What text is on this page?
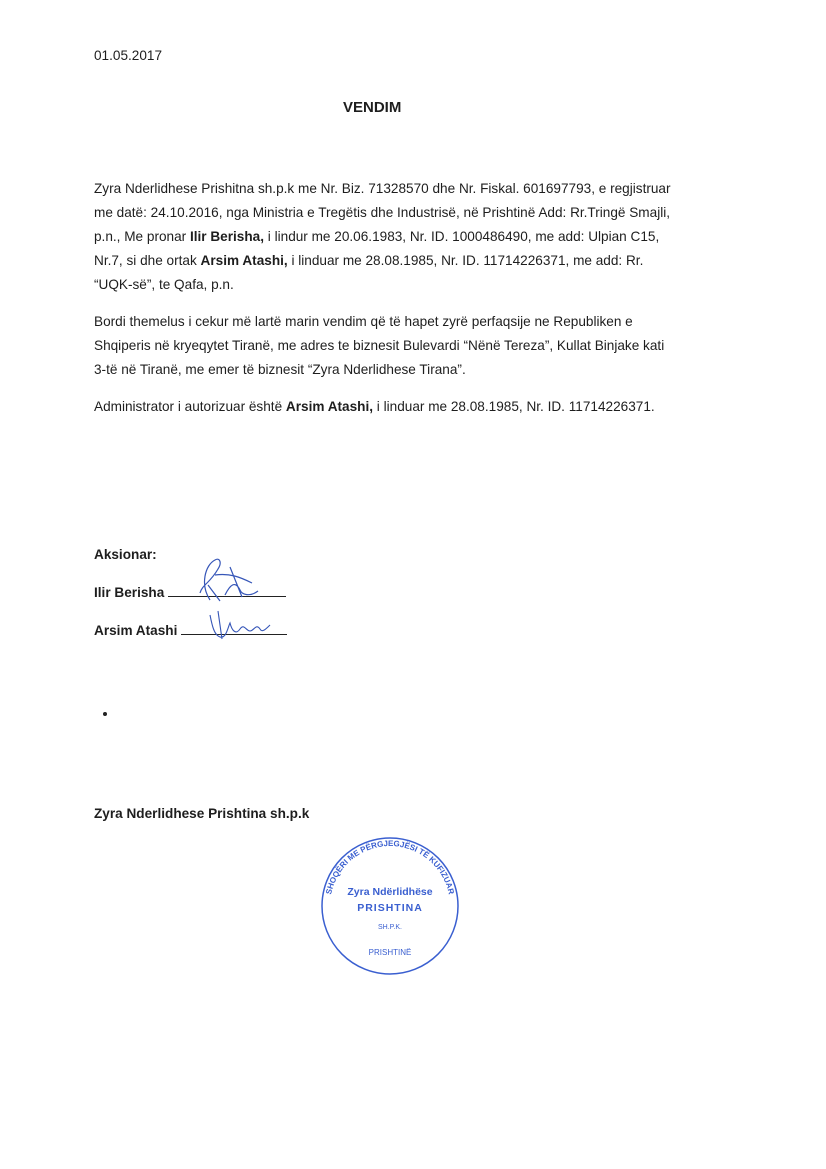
01.05.2017
VENDIM
Zyra Nderlidhese Prishitna sh.p.k me Nr. Biz. 71328570 dhe Nr. Fiskal. 601697793, e regjistruar
me datë: 24.10.2016, nga Ministria e Tregëtis dhe Industrisë, në Prishtinë Add: Rr.Tringë Smajli,
p.n., Me pronar Ilir Berisha, i lindur me 20.06.1983, Nr. ID. 1000486490, me add: Ulpian C15,
Nr.7, si dhe ortak Arsim Atashi, i linduar me 28.08.1985, Nr. ID. 11714226371, me add: Rr.
“UQK-së”, te Qafa, p.n.
Bordi themelus i cekur më lartë marin vendim që të hapet zyrë perfaqsije ne Republiken e
Shqiperis në kryeqytet Tiranë, me adres te biznesit Bulevardi “Nënë Tereza”, Kullat Binjake kati
3-të në Tiranë, me emer të biznesit “Zyra Nderlidhese Tirana”.
Administrator i autorizuar është Arsim Atashi, i linduar me 28.08.1985, Nr. ID. 11714226371.
Aksionar:
Ilir Berisha
Arsim Atashi
Zyra Nderlidhese Prishtina sh.p.k
SHOQËRI ME PËRGJEGJËSI TË KUFIZUAR
Zyra Ndërlidhëse
PRISHTINA
SH.P.K.
PRISHTINË
